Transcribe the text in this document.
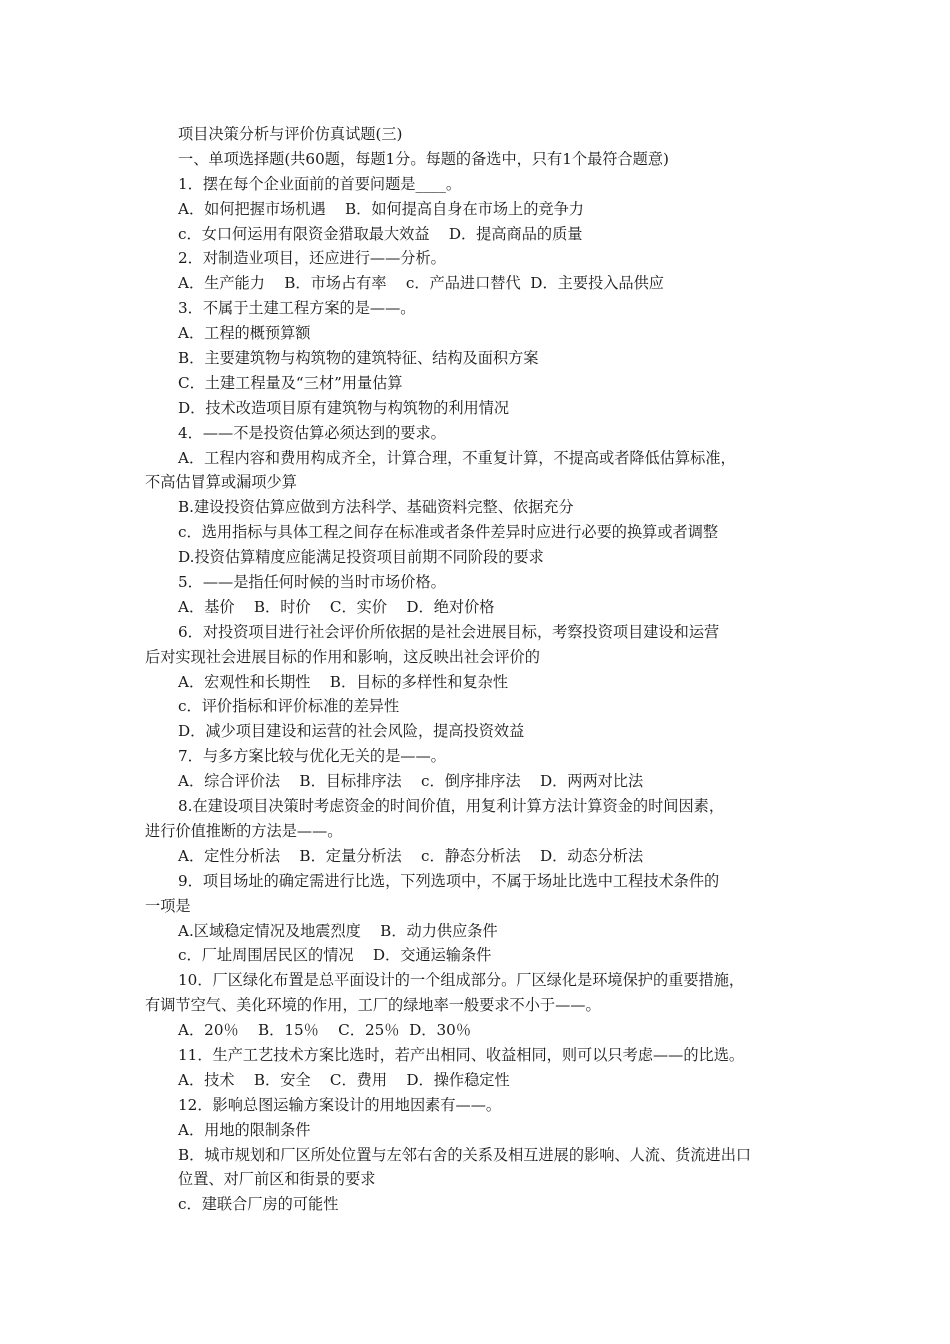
项目决策分析与评价仿真试题(三)
一、单项选择题(共60题，每题1分。每题的备选中，只有1个最符合题意)
1．摆在每个企业面前的首要问题是____。
A．如何把握市场机遇    B．如何提高自身在市场上的竞争力
c．女口何运用有限资金猎取最大效益    D．提高商品的质量
2．对制造业项目，还应进行——分析。
A．生产能力    B．市场占有率    c．产品进口替代  D．主要投入品供应
3．不属于土建工程方案的是——。
A．工程的概预算额
B．主要建筑物与构筑物的建筑特征、结构及面积方案
C．土建工程量及“三材”用量估算
D．技术改造项目原有建筑物与构筑物的利用情况
4．——不是投资估算必须达到的要求。
A．工程内容和费用构成齐全，计算合理，不重复计算，不提高或者降低估算标准，
不高估冒算或漏项少算
B.建设投资估算应做到方法科学、基础资料完整、依据充分
c．选用指标与具体工程之间存在标准或者条件差异时应进行必要的换算或者调整
D.投资估算精度应能满足投资项目前期不同阶段的要求
5．——是指任何时候的当时市场价格。
A．基价    B．时价    C．实价    D．绝对价格
6．对投资项目进行社会评价所依据的是社会进展目标，考察投资项目建设和运营
后对实现社会进展目标的作用和影响，这反映出社会评价的
A．宏观性和长期性    B．目标的多样性和复杂性
c．评价指标和评价标准的差异性
D．减少项目建设和运营的社会风险，提高投资效益
7．与多方案比较与优化无关的是——。
A．综合评价法    B．目标排序法    c．倒序排序法    D．两两对比法
8.在建设项目决策时考虑资金的时间价值，用复利计算方法计算资金的时间因素，
进行价值推断的方法是——。
A．定性分析法    B．定量分析法    c．静态分析法    D．动态分析法
9．项目场址的确定需进行比选，下列选项中，不属于场址比选中工程技术条件的
一项是
A.区域稳定情况及地震烈度    B．动力供应条件
c．厂址周围居民区的情况    D．交通运输条件
10．厂区绿化布置是总平面设计的一个组成部分。厂区绿化是环境保护的重要措施，
有调节空气、美化环境的作用，工厂的绿地率一般要求不小于——。
A．20％    B．15％    C．25％  D．30％
11．生产工艺技术方案比选时，若产出相同、收益相同，则可以只考虑——的比选。
A．技术    B．安全    C．费用    D．操作稳定性
12．影响总图运输方案设计的用地因素有——。
A．用地的限制条件
B．城市规划和厂区所处位置与左邻右舍的关系及相互进展的影响、人流、货流进出口
位置、对厂前区和街景的要求
c．建联合厂房的可能性
